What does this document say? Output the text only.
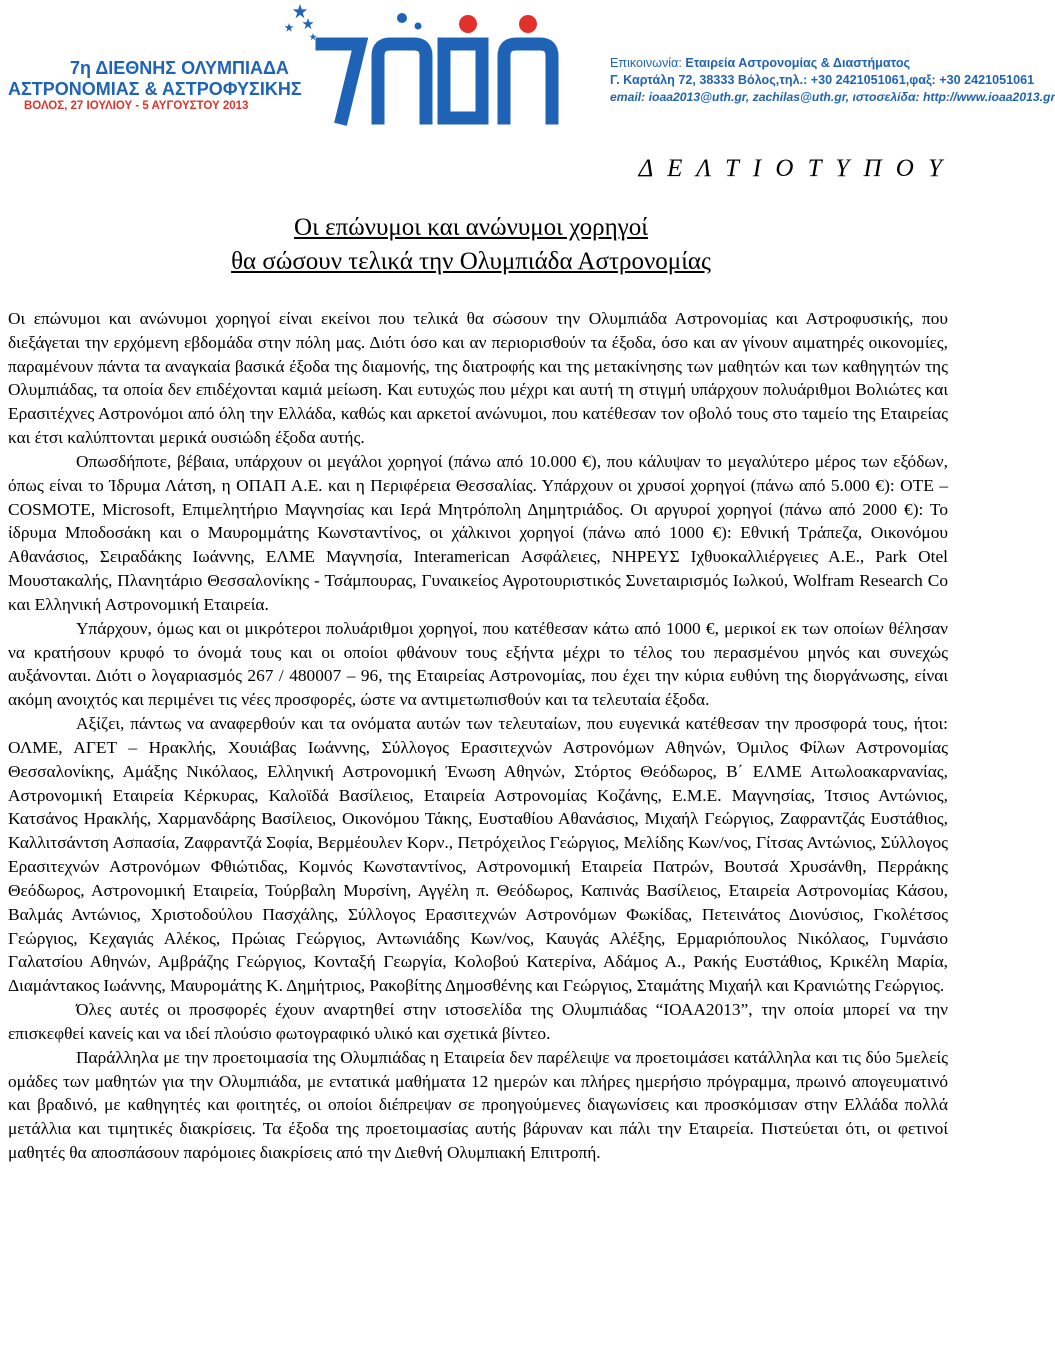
7η ΔΙΕΘΝΗΣ ΟΛΥΜΠΙΑΔΑ
ΑΣΤΡΟΝΟΜΙΑΣ & ΑΣΤΡΟΦΥΣΙΚΗΣ
ΒΟΛΟΣ, 27 ΙΟΥΛΙΟΥ - 5 ΑΥΓΟΥΣΤΟΥ 2013
Επικοινωνία: Εταιρεία Αστρονομίας & Διαστήματος
Γ. Καρτάλη 72, 38333 Βόλος,τηλ.: +30 2421051061,φαξ: +30 2421051061
email: ioaa2013@uth.gr, zachilas@uth.gr, ιστοσελίδα: http://www.ioaa2013.gr
Δ Ε Λ Τ Ι Ο Τ Υ Π Ο Υ
Οι επώνυμοι και ανώνυμοι χορηγοί
θα σώσουν τελικά την Ολυμπιάδα Αστρονομίας

Οι επώνυμοι και ανώνυμοι χορηγοί είναι εκείνοι που τελικά θα σώσουν την Ολυμπιάδα Αστρονομίας και Αστροφυσικής, που διεξάγεται την ερχόμενη εβδομάδα στην πόλη μας. Διότι όσο και αν περιορισθούν τα έξοδα, όσο και αν γίνουν αιματηρές οικονομίες, παραμένουν πάντα τα αναγκαία βασικά έξοδα της διαμονής, της διατροφής και της μετακίνησης των μαθητών και των καθηγητών της Ολυμπιάδας, τα οποία δεν επιδέχονται καμιά μείωση. Και ευτυχώς που μέχρι και αυτή τη στιγμή υπάρχουν πολυάριθμοι Βολιώτες και Ερασιτέχνες Αστρονόμοι από όλη την Ελλάδα, καθώς και αρκετοί ανώνυμοι, που κατέθεσαν τον οβολό τους στο ταμείο της Εταιρείας και έτσι καλύπτονται μερικά ουσιώδη έξοδα αυτής.

Οπωσδήποτε, βέβαια, υπάρχουν οι μεγάλοι χορηγοί (πάνω από 10.000 €), που κάλυψαν το μεγαλύτερο μέρος των εξόδων, όπως είναι το Ίδρυμα Λάτση, η ΟΠΑΠ Α.Ε. και η Περιφέρεια Θεσσαλίας. Υπάρχουν οι χρυσοί χορηγοί (πάνω από 5.000 €): ΟΤΕ – COSMOTE, Microsoft, Επιμελητήριο Μαγνησίας και Ιερά Μητρόπολη Δημητριάδος. Οι αργυροί χορηγοί (πάνω από 2000 €): Το ίδρυμα Μποδοσάκη και ο Μαυρομμάτης Κωνσταντίνος, οι χάλκινοι χορηγοί (πάνω από 1000 €): Εθνική Τράπεζα, Οικονόμου Αθανάσιος, Σειραδάκης Ιωάννης, ΕΛΜΕ Μαγνησία, Interamerican Ασφάλειες, ΝΗΡΕΥΣ Ιχθυοκαλλιέργειες Α.Ε., Park Otel Μουστακαλής, Πλανητάριο Θεσσαλονίκης - Τσάμπουρας, Γυναικείος Αγροτουριστικός Συνεταιρισμός Ιωλκού, Wolfram Research Co και Ελληνική Αστρονομική Εταιρεία.

Υπάρχουν, όμως και οι μικρότεροι πολυάριθμοι χορηγοί, που κατέθεσαν κάτω από 1000 €, μερικοί εκ των οποίων θέλησαν να κρατήσουν κρυφό το όνομά τους και οι οποίοι φθάνουν τους εξήντα μέχρι το τέλος του περασμένου μηνός και συνεχώς αυξάνονται. Διότι ο λογαριασμός 267 / 480007 – 96, της Εταιρείας Αστρονομίας, που έχει την κύρια ευθύνη της διοργάνωσης, είναι ακόμη ανοιχτός και περιμένει τις νέες προσφορές, ώστε να αντιμετωπισθούν και τα τελευταία έξοδα.

Αξίζει, πάντως να αναφερθούν και τα ονόματα αυτών των τελευταίων, που ευγενικά κατέθεσαν την προσφορά τους, ήτοι: ΟΛΜΕ, ΑΓΕΤ – Ηρακλής, Χουιάβας Ιωάννης, Σύλλογος Ερασιτεχνών Αστρονόμων Αθηνών, Όμιλος Φίλων Αστρονομίας Θεσσαλονίκης, Αμάξης Νικόλαος, Ελληνική Αστρονομική Ένωση Αθηνών, Στόρτος Θεόδωρος, Β΄ ΕΛΜΕ Αιτωλοακαρνανίας, Αστρονομική Εταιρεία Κέρκυρας, Καλοϊδά Βασίλειος, Εταιρεία Αστρονομίας Κοζάνης, Ε.Μ.Ε. Μαγνησίας, Ίτσιος Αντώνιος, Κατσάνος Ηρακλής, Χαρμανδάρης Βασίλειος, Οικονόμου Τάκης, Ευσταθίου Αθανάσιος, Μιχαήλ Γεώργιος, Ζαφραντζάς Ευστάθιος, Καλλιτσάντση Ασπασία, Ζαφραντζά Σοφία, Βερμέουλεν Κορν., Πετρόχειλος Γεώργιος, Μελίδης Κων/νος, Γίτσας Αντώνιος, Σύλλογος Ερασιτεχνών Αστρονόμων Φθιώτιδας, Κομνός Κωνσταντίνος, Αστρονομική Εταιρεία Πατρών, Βουτσά Χρυσάνθη, Περράκης Θεόδωρος, Αστρονομική Εταιρεία, Τούρβαλη Μυρσίνη, Αγγέλη π. Θεόδωρος, Καπινάς Βασίλειος, Εταιρεία Αστρονομίας Κάσου, Βαλμάς Αντώνιος, Χριστοδούλου Πασχάλης, Σύλλογος Ερασιτεχνών Αστρονόμων Φωκίδας, Πετεινάτος Διονύσιος, Γκολέτσος Γεώργιος, Κεχαγιάς Αλέκος, Πρώιας Γεώργιος, Αντωνιάδης Κων/νος, Καυγάς Αλέξης, Ερμαριόπουλος Νικόλαος, Γυμνάσιο Γαλατσίου Αθηνών, Αμβράζης Γεώργιος, Κονταξή Γεωργία, Κολοβού Κατερίνα, Αδάμος Α., Ρακής Ευστάθιος, Κρικέλη Μαρία, Διαμάντακος Ιωάννης, Μαυρομάτης Κ. Δημήτριος, Ρακοβίτης Δημοσθένης και Γεώργιος, Σταμάτης Μιχαήλ και Κρανιώτης Γεώργιος.

Όλες αυτές οι προσφορές έχουν αναρτηθεί στην ιστοσελίδα της Ολυμπιάδας “ΙΟΑΑ2013”, την οποία μπορεί να την επισκεφθεί κανείς και να ιδεί πλούσιο φωτογραφικό υλικό και σχετικά βίντεο.

Παράλληλα με την προετοιμασία της Ολυμπιάδας η Εταιρεία δεν παρέλειψε να προετοιμάσει κατάλληλα και τις δύο 5μελείς ομάδες των μαθητών για την Ολυμπιάδα, με εντατικά μαθήματα 12 ημερών και πλήρες ημερήσιο πρόγραμμα, πρωινό απογευματινό και βραδινό, με καθηγητές και φοιτητές, οι οποίοι διέπρεψαν σε προηγούμενες διαγωνίσεις και προσκόμισαν στην Ελλάδα πολλά μετάλλια και τιμητικές διακρίσεις. Τα έξοδα της προετοιμασίας αυτής βάρυναν και πάλι την Εταιρεία. Πιστεύεται ότι, οι φετινοί μαθητές θα αποσπάσουν παρόμοιες διακρίσεις από την Διεθνή Ολυμπιακή Επιτροπή.
